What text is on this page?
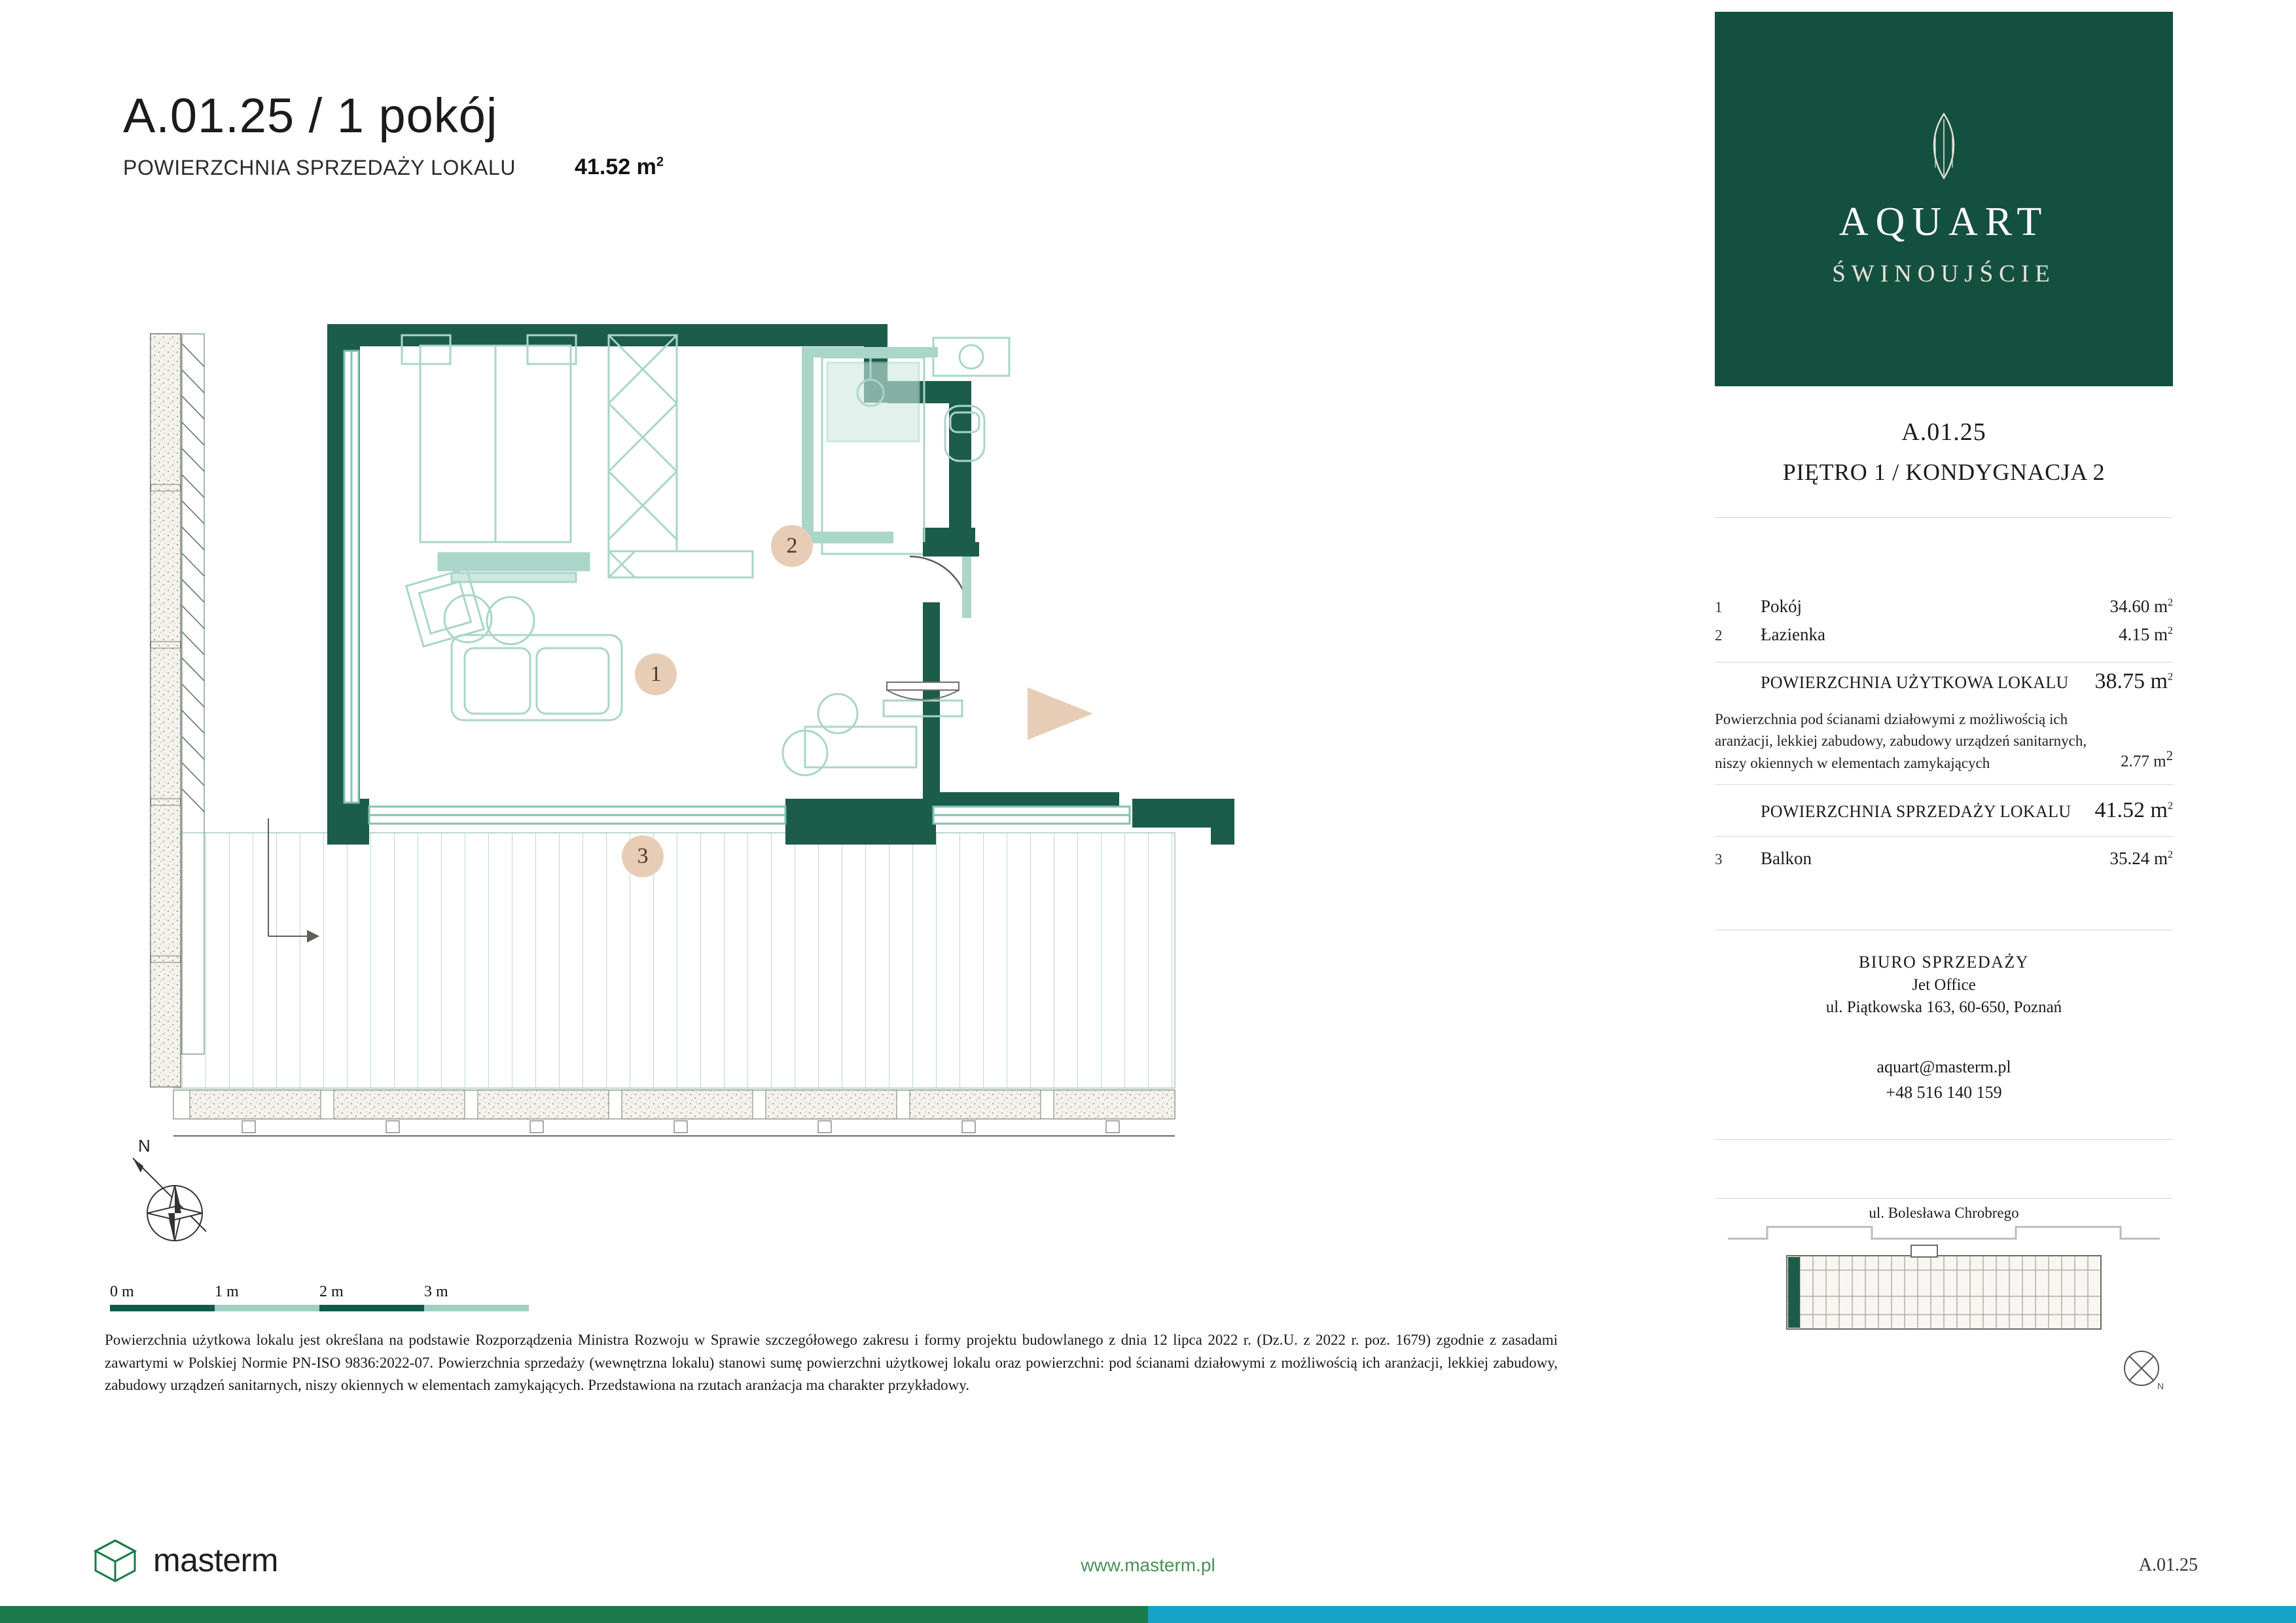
A.01.25 / 1 pokój
POWIERZCHNIA SPRZEDAŻY LOKALU	41.52 $m^2$
1
2
3
N
0 m	1 m	2 m	3 m
Powierzchnia użytkowa lokalu jest określana na podstawie Rozporządzenia Ministra Rozwoju w Sprawie szczegółowego zakresu i formy projektu budowlanego z dnia 12 lipca 2022 r. (Dz.U. z 2022 r. poz. 1679) zgodnie z zasadami zawartymi w Polskiej Normie PN-ISO 9836:2022-07. Powierzchnia sprzedaży (wewnętrzna lokalu) stanowi sumę powierzchni użytkowej lokalu oraz powierzchni: pod ścianami działowymi z możliwością ich aranżacji, lekkiej zabudowy, zabudowy urządzeń sanitarnych, niszy okiennych w elementach zamykających. Przedstawiona na rzutach aranżacja ma charakter przykładowy.
AQUART
ŚWINOUJŚCIE
A.01.25
PIĘTRO 1 / KONDYGNACJA 2
1	Pokój	34.60 $m^2$
2	Łazienka	4.15 $m^2$
POWIERZCHNIA UŻYTKOWA LOKALU	38.75 $m^2$
Powierzchnia pod ścianami działowymi z możliwością ich aranżacji, lekkiej zabudowy, zabudowy urządzeń sanitarnych, niszy okiennych w elementach zamykających	2.77 $m^2$
POWIERZCHNIA SPRZEDAŻY LOKALU	41.52 $m^2$
3	Balkon	35.24 $m^2$
BIURO SPRZEDAŻY
Jet Office
ul. Piątkowska 163, 60-650, Poznań
aquart@masterm.pl
+48 516 140 159
ul. Bolesława Chrobrego
N
masterm	www.masterm.pl	A.01.25
